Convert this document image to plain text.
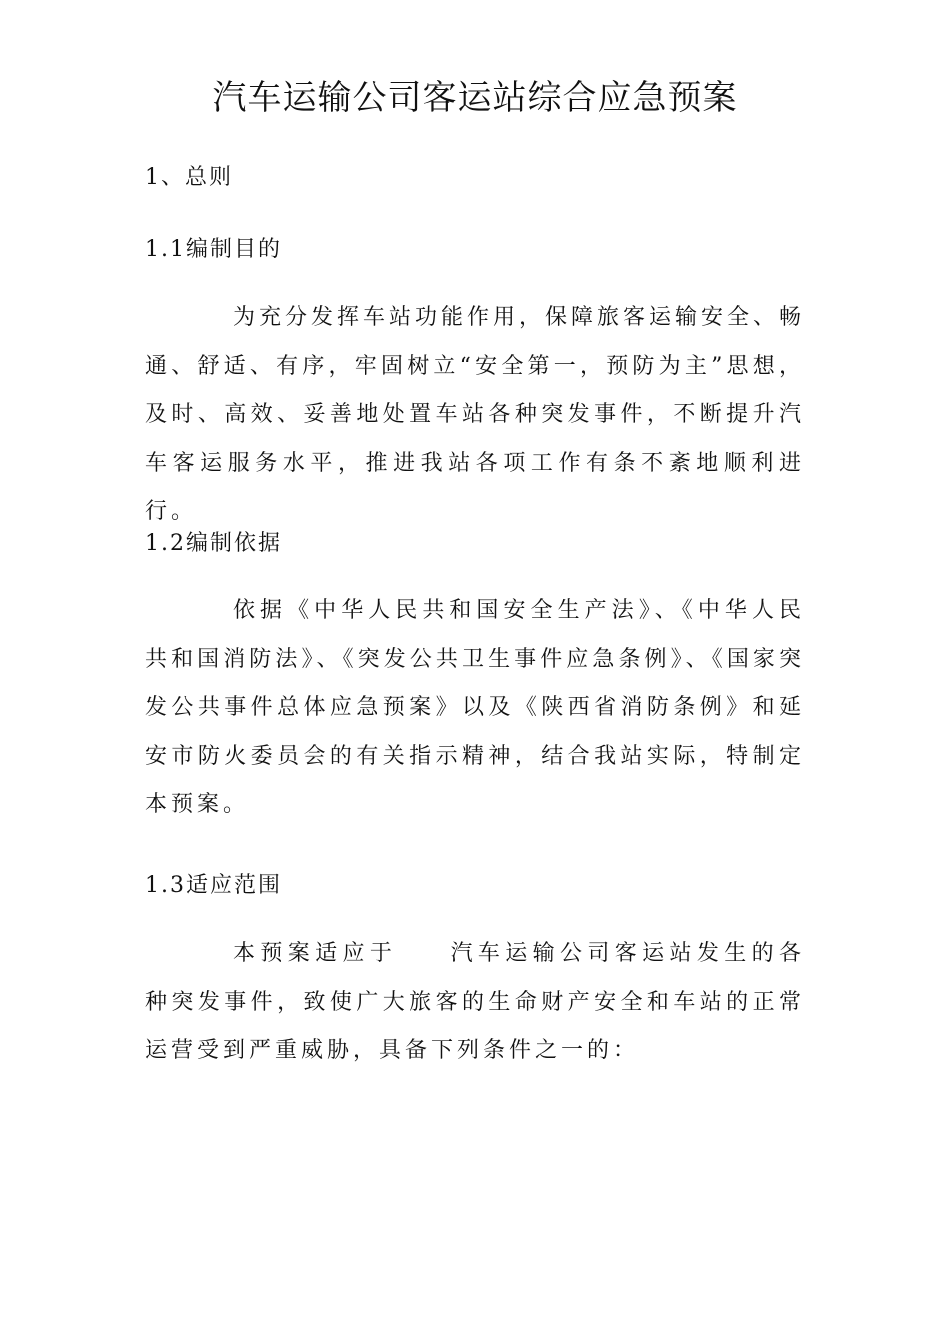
汽车运输公司客运站综合应急预案
1、总则
1.1编制目的

为充分发挥车站功能作用，保障旅客运输安全、畅通、舒适、有序，牢固树立“安全第一，预防为主”思想，及时、高效、妥善地处置车站各种突发事件，不断提升汽车客运服务水平，推进我站各项工作有条不紊地顺利进行。

1.2编制依据

依据《中华人民共和国安全生产法》、《中华人民共和国消防法》、《突发公共卫生事件应急条例》、《国家突发公共事件总体应急预案》以及《陕西省消防条例》和延安市防火委员会的有关指示精神，结合我站实际，特制定本预案。

1.3适应范围

本预案适应于 汽车运输公司客运站发生的各种突发事件，致使广大旅客的生命财产安全和车站的正常运营受到严重威胁，具备下列条件之一的：
